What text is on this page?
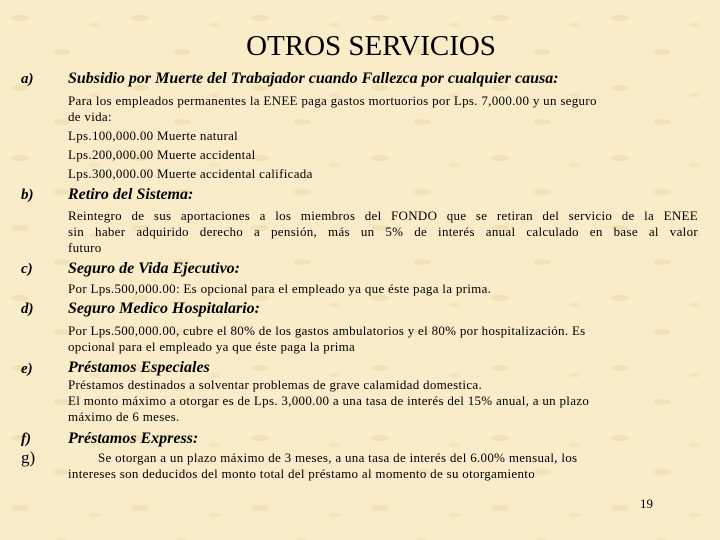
OTROS SERVICIOS
a) Subsidio por Muerte del Trabajador cuando Fallezca por cualquier causa:
Para los empleados permanentes la ENEE paga gastos mortuorios por Lps. 7,000.00 y un seguro
de vida:
Lps.100,000.00 Muerte natural
Lps.200,000.00 Muerte accidental
Lps.300,000.00 Muerte accidental calificada
b) Retiro del Sistema:
Reintegro de sus aportaciones a los miembros del FONDO que se retiran del servicio de la ENEE
sin haber adquirido derecho a pensión, más un 5% de interés anual calculado en base al valor
futuro
c) Seguro de Vida Ejecutivo:
Por Lps.500,000.00: Es opcional para el empleado ya que éste paga la prima.
d) Seguro Medico Hospitalario:
Por Lps.500,000.00, cubre el 80% de los gastos ambulatorios y el 80% por hospitalización. Es
opcional para el empleado ya que éste paga la prima
e) Préstamos Especiales
Préstamos destinados a solventar problemas de grave calamidad domestica.
El monto máximo a otorgar es de Lps. 3,000.00 a una tasa de interés del 15% anual, a un plazo
máximo de 6 meses.
f) Préstamos Express:
g)	Se otorgan a un plazo máximo de 3 meses, a una tasa de interés del 6.00% mensual, los
intereses son deducidos del monto total del préstamo al momento de su otorgamiento
19
